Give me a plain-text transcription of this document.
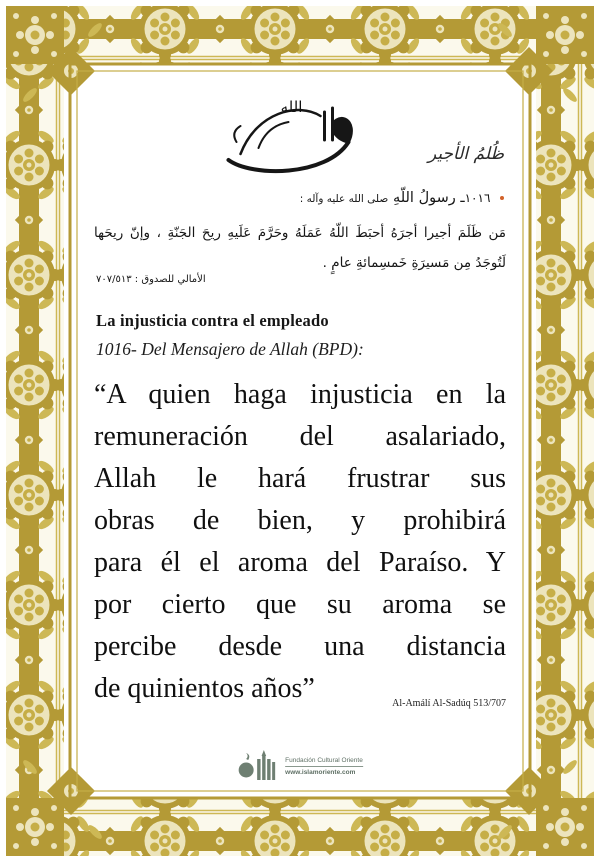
الله
ظُلمُ الأجير
١٠١٦ـ رسولُ اللّهِ صلى الله عليه وآله :
مَن ظَلَمَ أجيرا أجرَهُ أحبَطَ اللّهُ عَمَلَهُ وحَرَّمَ عَلَيهِ ريحَ الجَنّةِ ، وإنّ ريحَها
لَتُوجَدُ مِن مَسيرَةِ خَمسِمائةِ عامٍ .
الأمالي للصدوق : ٧٠٧/٥١٣
La injusticia contra el empleado
1016- Del Mensajero de Allah (BPD):
“A quien haga injusticia en la
remuneración del asalariado,
Allah le hará frustrar sus
obras de bien, y prohibirá
para él el aroma del Paraíso. Y
por cierto que su aroma se
percibe desde una distancia
de quinientos años”	Al-Amálí Al-Sadúq 513/707
Fundación Cultural Oriente
www.islamoriente.com
